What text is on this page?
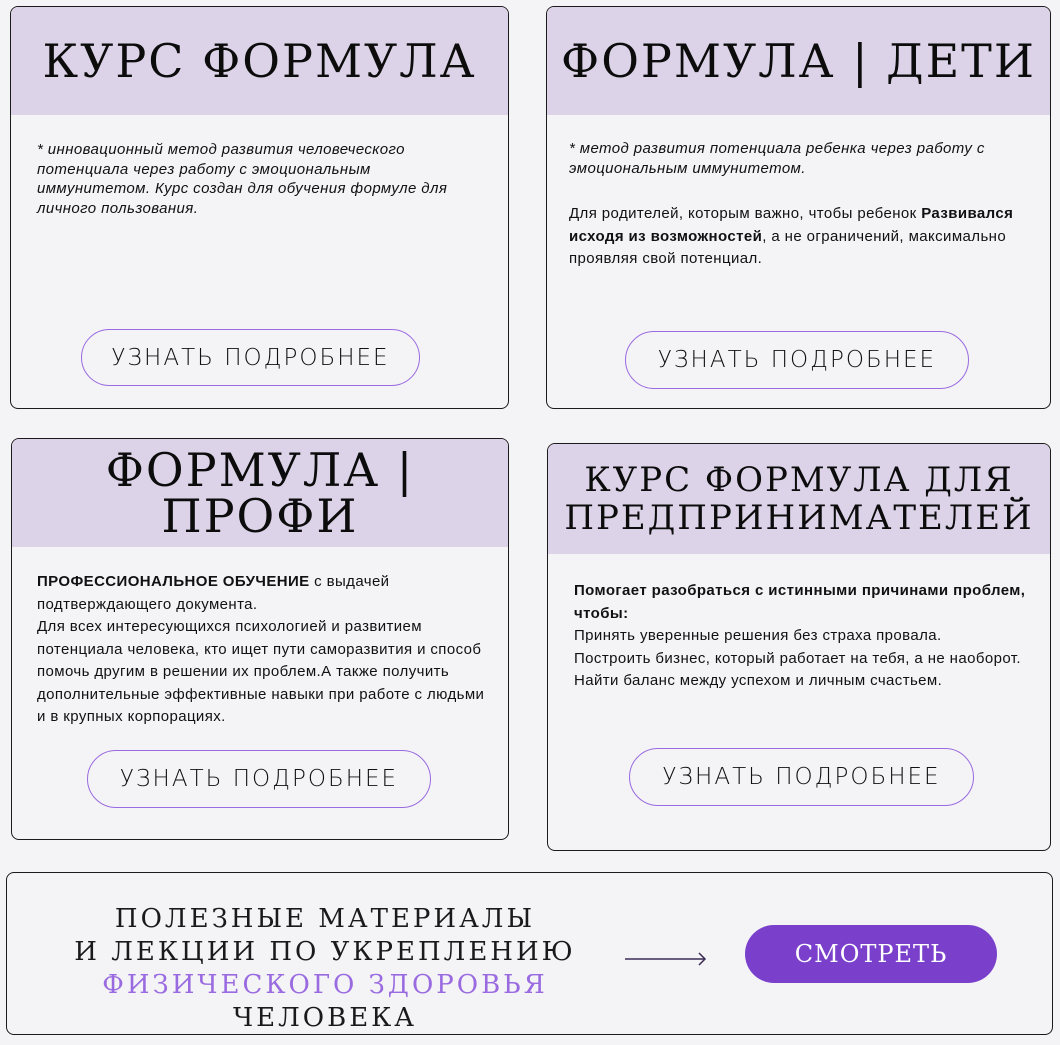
КУРС ФОРМУЛА
* инновационный метод развития человеческого потенциала через работу с эмоциональным иммунитетом. Курс создан для обучения формуле для личного пользования.
УЗНАТЬ ПОДРОБНЕЕ
ФОРМУЛА | ДЕТИ
* метод развития потенциала ребенка через работу с эмоциональным иммунитетом.
Для родителей, которым важно, чтобы ребенок Развивался исходя из возможностей, а не ограничений, максимально проявляя свой потенциал.
УЗНАТЬ ПОДРОБНЕЕ
ФОРМУЛА | ПРОФИ
ПРОФЕССИОНАЛЬНОЕ ОБУЧЕНИЕ с выдачей подтверждающего документа.
Для всех интересующихся психологией и развитием потенциала человека, кто ищет пути саморазвития и способ помочь другим в решении их проблем.А также получить дополнительные эффективные навыки при работе с людьми и в крупных корпорациях.
УЗНАТЬ ПОДРОБНЕЕ
КУРС ФОРМУЛА ДЛЯ
ПРЕДПРИНИМАТЕЛЕЙ
Помогает разобраться с истинными причинами проблем, чтобы:
Принять уверенные решения без страха провала.
Построить бизнес, который работает на тебя, а не наоборот.
Найти баланс между успехом и личным счастьем.
УЗНАТЬ ПОДРОБНЕЕ
ПОЛЕЗНЫЕ МАТЕРИАЛЫ
И ЛЕКЦИИ ПО УКРЕПЛЕНИЮ
ФИЗИЧЕСКОГО ЗДОРОВЬЯ ЧЕЛОВЕКА
СМОТРЕТЬ
